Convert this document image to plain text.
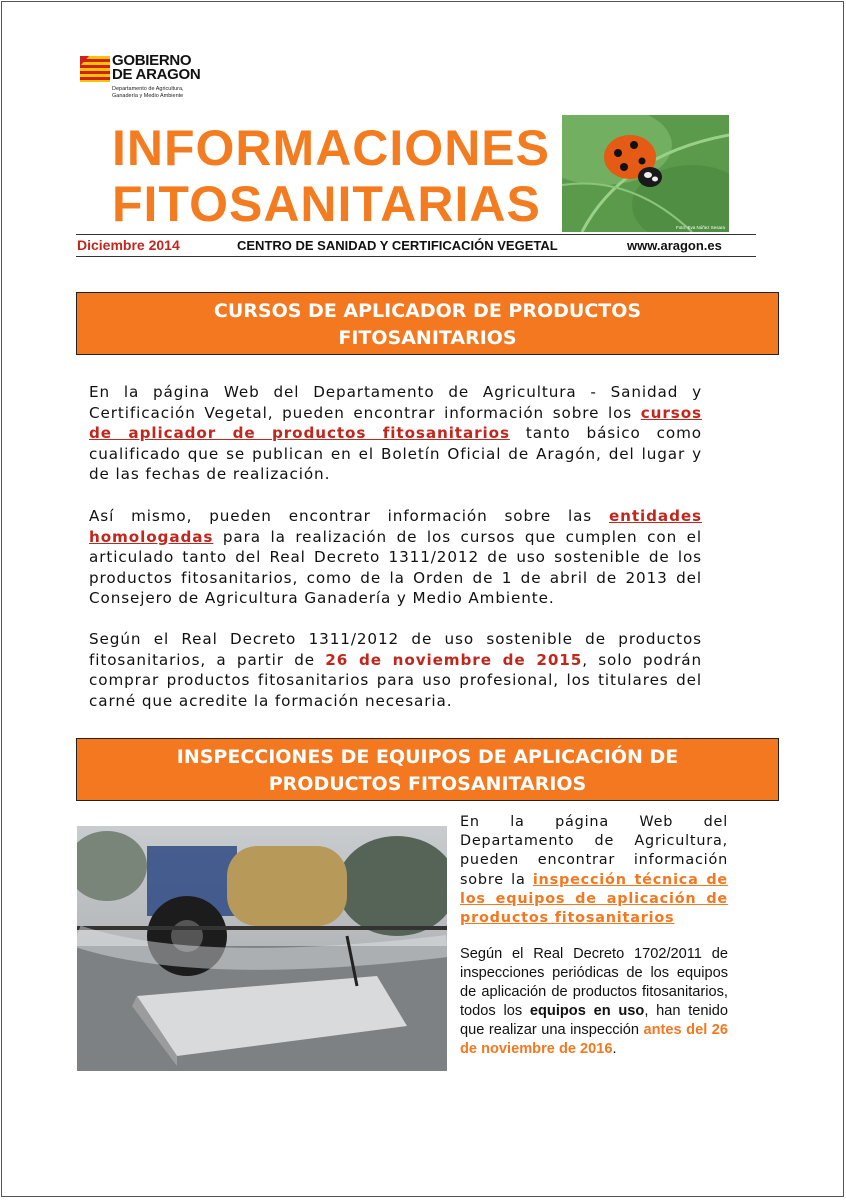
GOBIERNO
DE ARAGON
Departamento de Agricultura,
Ganadería y Medio Ambiente
INFORMACIONES
FITOSANITARIAS	Foto: Eva Núñez Sesara
Diciembre 2014	CENTRO DE SANIDAD Y CERTIFICACIÓN VEGETAL	www.aragon.es
CURSOS DE APLICADOR DE PRODUCTOS
FITOSANITARIOS

En la página Web del Departamento de Agricultura - Sanidad y Certificación Vegetal, pueden encontrar información sobre los cursos de aplicador de productos fitosanitarios tanto básico como cualificado que se publican en el Boletín Oficial de Aragón, del lugar y de las fechas de realización.

Así mismo, pueden encontrar información sobre las entidades homologadas para la realización de los cursos que cumplen con el articulado tanto del Real Decreto 1311/2012 de uso sostenible de los productos fitosanitarios, como de la Orden de 1 de abril de 2013 del Consejero de Agricultura Ganadería y Medio Ambiente.

Según el Real Decreto 1311/2012 de uso sostenible de productos fitosanitarios, a partir de 26 de noviembre de 2015, solo podrán comprar productos fitosanitarios para uso profesional, los titulares del carné que acredite la formación necesaria.

INSPECCIONES DE EQUIPOS DE APLICACIÓN DE
PRODUCTOS FITOSANITARIOS

En la página Web del Departamento de Agricultura, pueden encontrar información sobre la inspección técnica de los equipos de aplicación de productos fitosanitarios

Según el Real Decreto 1702/2011 de inspecciones periódicas de los equipos de aplicación de productos fitosanitarios, todos los equipos en uso, han tenido que realizar una inspección antes del 26 de noviembre de 2016.
